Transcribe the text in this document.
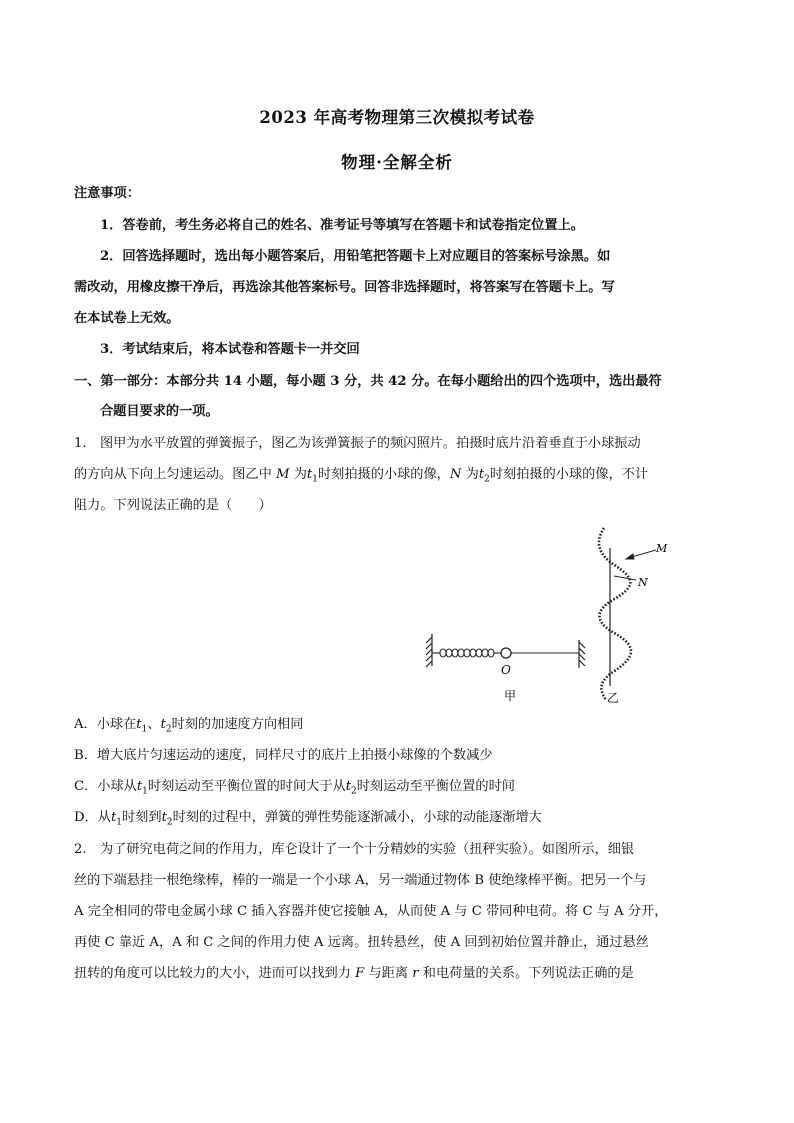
2023 年高考物理第三次模拟考试卷
物理·全解全析
注意事项：
1．答卷前，考生务必将自己的姓名、准考证号等填写在答题卡和试卷指定位置上。
2．回答选择题时，选出每小题答案后，用铅笔把答题卡上对应题目的答案标号涂黑。如
需改动，用橡皮擦干净后，再选涂其他答案标号。回答非选择题时，将答案写在答题卡上。写
在本试卷上无效。
3．考试结束后，将本试卷和答题卡一并交回
一、第一部分：本部分共 14 小题，每小题 3 分，共 42 分。在每小题给出的四个选项中，选出最符
合题目要求的一项。
1. 图甲为水平放置的弹簧振子，图乙为该弹簧振子的频闪照片。拍摄时底片沿着垂直于小球振动
的方向从下向上匀速运动。图乙中 M 为$t_1$时刻拍摄的小球的像，N 为$t_2$时刻拍摄的小球的像，不计
阻力。下列说法正确的是（　　）
M
N
O
甲	乙
A．小球在$t_1$、$t_2$时刻的加速度方向相同
B．增大底片匀速运动的速度，同样尺寸的底片上拍摄小球像的个数减少
C．小球从$t_1$时刻运动至平衡位置的时间大于从$t_2$时刻运动至平衡位置的时间
D．从$t_1$时刻到$t_2$时刻的过程中，弹簧的弹性势能逐渐减小，小球的动能逐渐增大
2. 为了研究电荷之间的作用力，库仑设计了一个十分精妙的实验（扭秤实验）。如图所示，细银
丝的下端悬挂一根绝缘棒，棒的一端是一个小球 A，另一端通过物体 B 使绝缘棒平衡。把另一个与
A 完全相同的带电金属小球 C 插入容器并使它接触 A，从而使 A 与 C 带同种电荷。将 C 与 A 分开，
再使 C 靠近 A，A 和 C 之间的作用力使 A 远离。扭转悬丝，使 A 回到初始位置并静止，通过悬丝
扭转的角度可以比较力的大小，进而可以找到力 F 与距离 r 和电荷量的关系。下列说法正确的是
